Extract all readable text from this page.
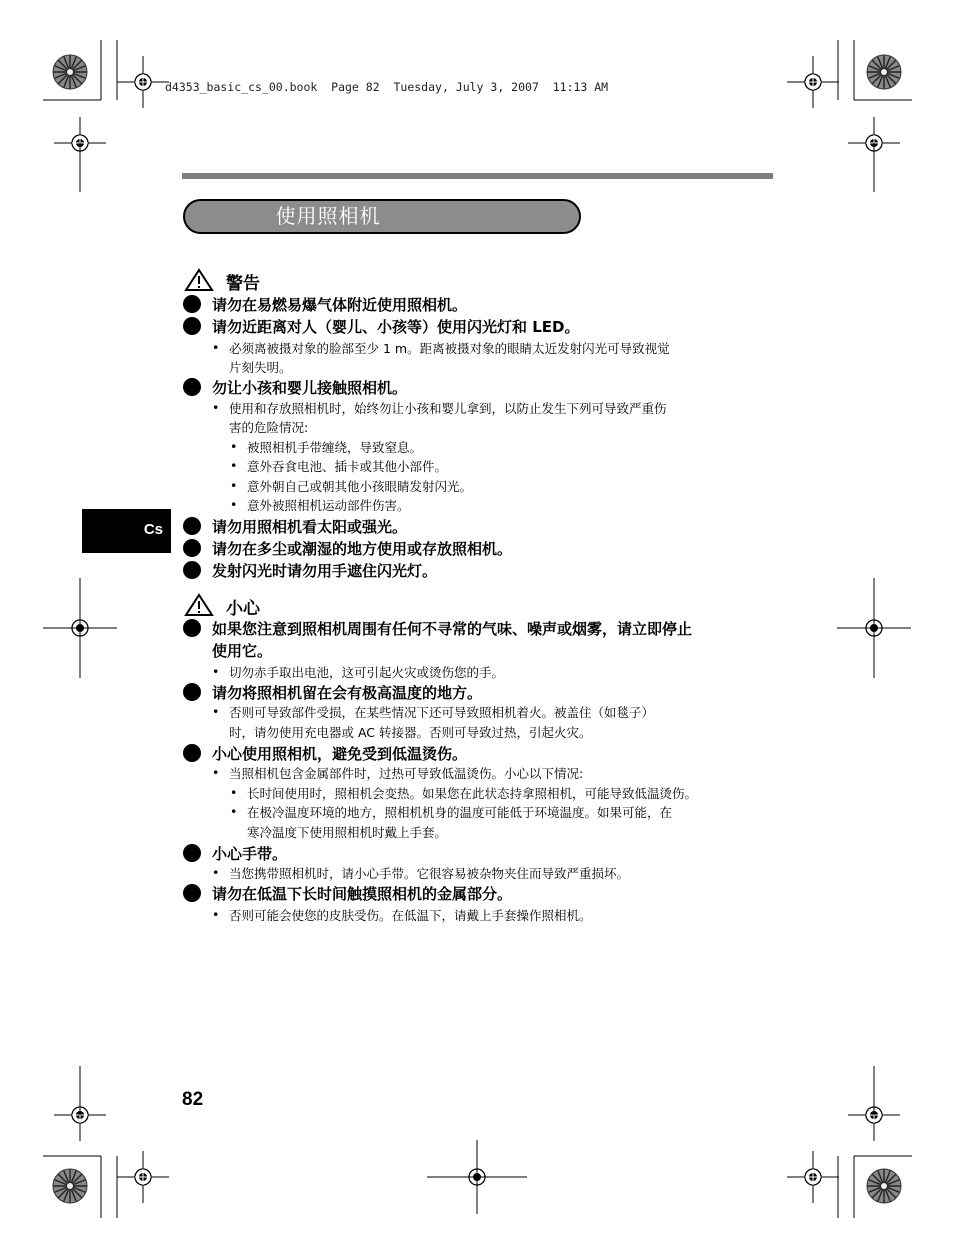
d4353_basic_cs_00.book  Page 82  Tuesday, July 3, 2007  11:13 AM
使用照相机
警告
请勿在易燃易爆气体附近使用照相机。
请勿近距离对人（婴儿、小孩等）使用闪光灯和 LED。
• 必须离被摄对象的脸部至少 1 m。距离被摄对象的眼睛太近发射闪光可导致视觉
片刻失明。
勿让小孩和婴儿接触照相机。
• 使用和存放照相机时，始终勿让小孩和婴儿拿到，以防止发生下列可导致严重伤
害的危险情况:
• 被照相机手带缠绕，导致窒息。
• 意外吞食电池、插卡或其他小部件。
• 意外朝自己或朝其他小孩眼睛发射闪光。
• 意外被照相机运动部件伤害。
请勿用照相机看太阳或强光。
请勿在多尘或潮湿的地方使用或存放照相机。
发射闪光时请勿用手遮住闪光灯。
小心
如果您注意到照相机周围有任何不寻常的气味、噪声或烟雾，请立即停止
使用它。
• 切勿赤手取出电池，这可引起火灾或烫伤您的手。
请勿将照相机留在会有极高温度的地方。
• 否则可导致部件受损，在某些情况下还可导致照相机着火。被盖住（如毯子）
时，请勿使用充电器或 AC 转接器。否则可导致过热，引起火灾。
小心使用照相机，避免受到低温烫伤。
• 当照相机包含金属部件时，过热可导致低温烫伤。小心以下情况:
• 长时间使用时，照相机会变热。如果您在此状态持拿照相机，可能导致低温烫伤。
• 在极冷温度环境的地方，照相机机身的温度可能低于环境温度。如果可能，在
寒冷温度下使用照相机时戴上手套。
小心手带。
• 当您携带照相机时，请小心手带。它很容易被杂物夹住而导致严重损坏。
请勿在低温下长时间触摸照相机的金属部分。
• 否则可能会使您的皮肤受伤。在低温下，请戴上手套操作照相机。
Cs
82
